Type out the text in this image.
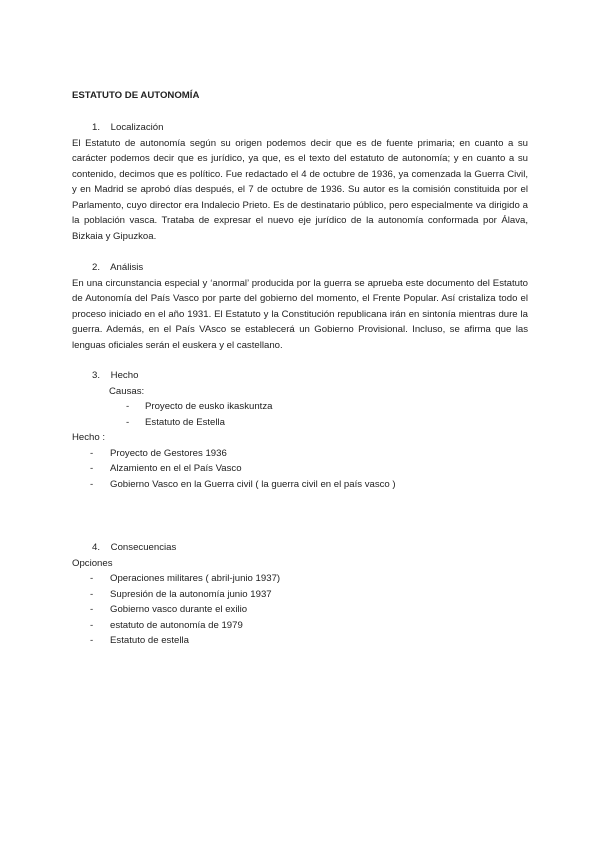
ESTATUTO DE AUTONOMÍA
1. Localización

El Estatuto de autonomía según su origen podemos decir que es de fuente primaria; en cuanto a su carácter podemos decir que es jurídico, ya que, es el texto del estatuto de autonomía; y en cuanto a su contenido, decimos que es político. Fue redactado el 4 de octubre de 1936, ya comenzada la Guerra Civil, y en Madrid se aprobó días después, el 7 de octubre de 1936. Su autor es la comisión constituida por el Parlamento, cuyo director era Indalecio Prieto. Es de destinatario público, pero especialmente va dirigido a la población vasca. Trataba de expresar el nuevo eje jurídico de la autonomía conformada por Álava, Bizkaia y Gipuzkoa.

2. Análisis

En una circunstancia especial y ‘anormal’ producida por la guerra se aprueba este documento del Estatuto de Autonomía del País Vasco por parte del gobierno del momento, el Frente Popular. Así cristaliza todo el proceso iniciado en el año 1931. El Estatuto y la Constitución republicana irán en sintonía mientras dure la guerra. Además, en el País VAsco se establecerá un Gobierno Provisional. Incluso, se afirma que las lenguas oficiales serán el euskera y el castellano.

3. Hecho
Causas:
- Proyecto de eusko ikaskuntza
- Estatuto de Estella
Hecho :
- Proyecto de Gestores 1936
- Alzamiento en el el País Vasco
- Gobierno Vasco en la Guerra civil ( la guerra civil en el país vasco )
4. Consecuencias
Opciones
- Operaciones militares ( abril-junio 1937)
- Supresión de la autonomía junio 1937
- Gobierno vasco durante el exilio
- estatuto de autonomía de 1979
- Estatuto de estella
